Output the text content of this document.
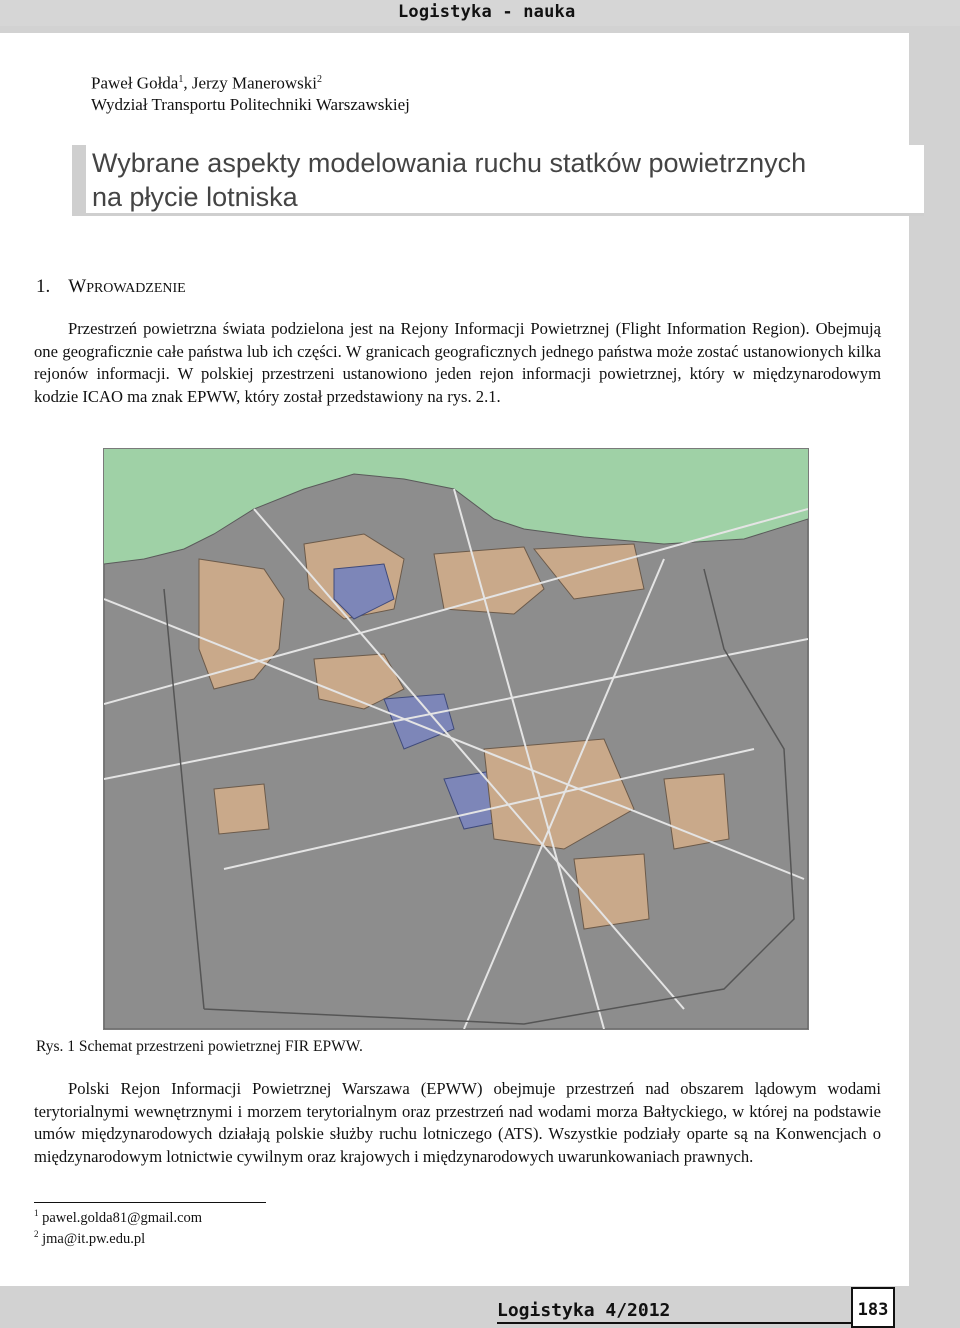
Logistyka - nauka
Paweł Gołda$^1$, Jerzy Manerowski$^2$
Wydział Transportu Politechniki Warszawskiej
Wybrane aspekty modelowania ruchu statków powietrznych
na płycie lotniska
1. WPROWADZENIE
Przestrzeń powietrzna świata podzielona jest na Rejony Informacji Powietrznej (Flight Information Region). Obejmują one geograficznie całe państwa lub ich części. W granicach geograficznych jednego państwa może zostać ustanowionych kilka rejonów informacji. W polskiej przestrzeni ustanowiono jeden rejon informacji powietrznej, który w międzynarodowym kodzie ICAO ma znak EPWW, który został przedstawiony na rys. 2.1.
Rys. 1 Schemat przestrzeni powietrznej FIR EPWW.
Polski Rejon Informacji Powietrznej Warszawa (EPWW) obejmuje przestrzeń nad obszarem lądowym wodami terytorialnymi wewnętrznymi i morzem terytorialnym oraz przestrzeń nad wodami morza Bałtyckiego, w której na podstawie umów międzynarodowych działają polskie służby ruchu lotniczego (ATS). Wszystkie podziały oparte są na Konwencjach o międzynarodowym lotnictwie cywilnym oraz krajowych i międzynarodowych uwarunkowaniach prawnych.
$^1$ pawel.golda81@gmail.com
$^2$ jma@it.pw.edu.pl
Logistyka 4/2012	183
